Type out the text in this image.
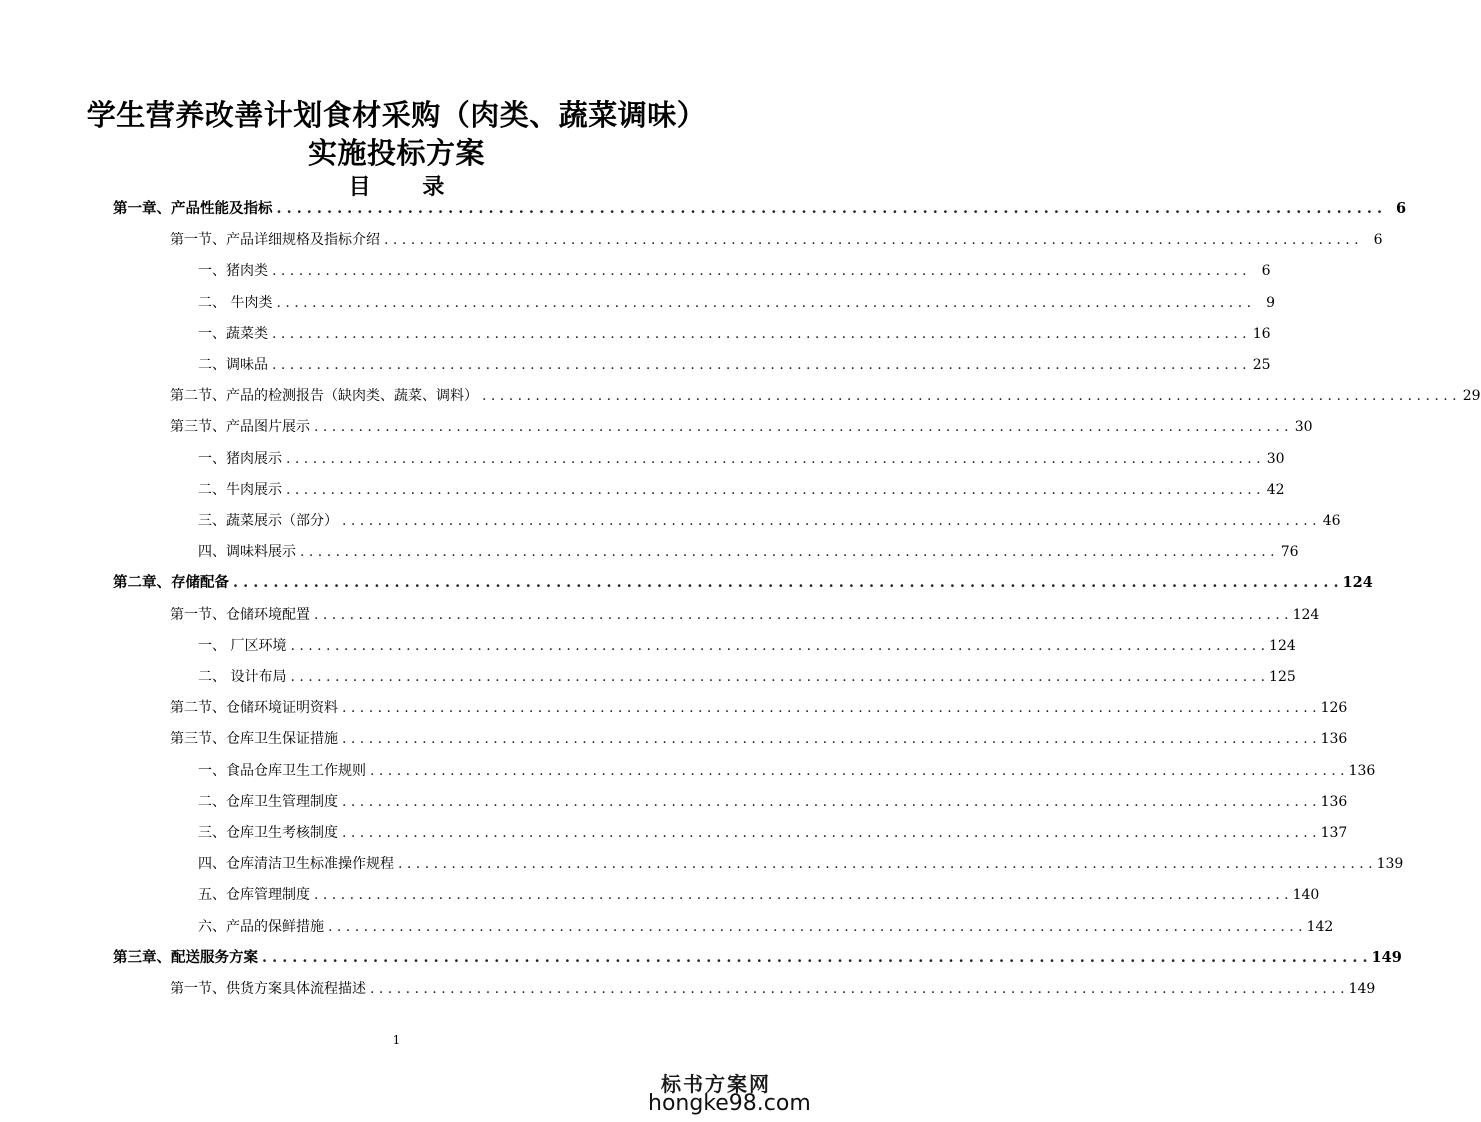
学生营养改善计划食材采购（肉类、蔬菜调味）
实施投标方案
目 录
第一章、产品性能及指标 . . .	6
第一节、产品详细规格及指标介绍 . . .	6
一、猪肉类 . . .	6
二、 牛肉类 . . .	9
一、蔬菜类 . . .	16
二、调味品 . . .	25
第二节、产品的检测报告（缺肉类、蔬菜、调料） . . .	29
第三节、产品图片展示 . . .	30
一、猪肉展示 . . .	30
二、牛肉展示 . . .	42
三、蔬菜展示（部分） . . .	46
四、调味料展示 . . .	76
第二章、存储配备 . . .	124
第一节、仓储环境配置 . . .	124
一、 厂区环境 . . .	124
二、 设计布局 . . .	125
第二节、仓储环境证明资料 . . .	126
第三节、仓库卫生保证措施 . . .	136
一、食品仓库卫生工作规则 . . .	136
二、仓库卫生管理制度 . . .	136
三、仓库卫生考核制度 . . .	137
四、仓库清洁卫生标准操作规程 . . .	139
五、仓库管理制度 . . .	140
六、产品的保鲜措施 . . .	142
第三章、配送服务方案 . . .	149
第一节、供货方案具体流程描述 . . .	149
1
标书方案网
hongke98.com
